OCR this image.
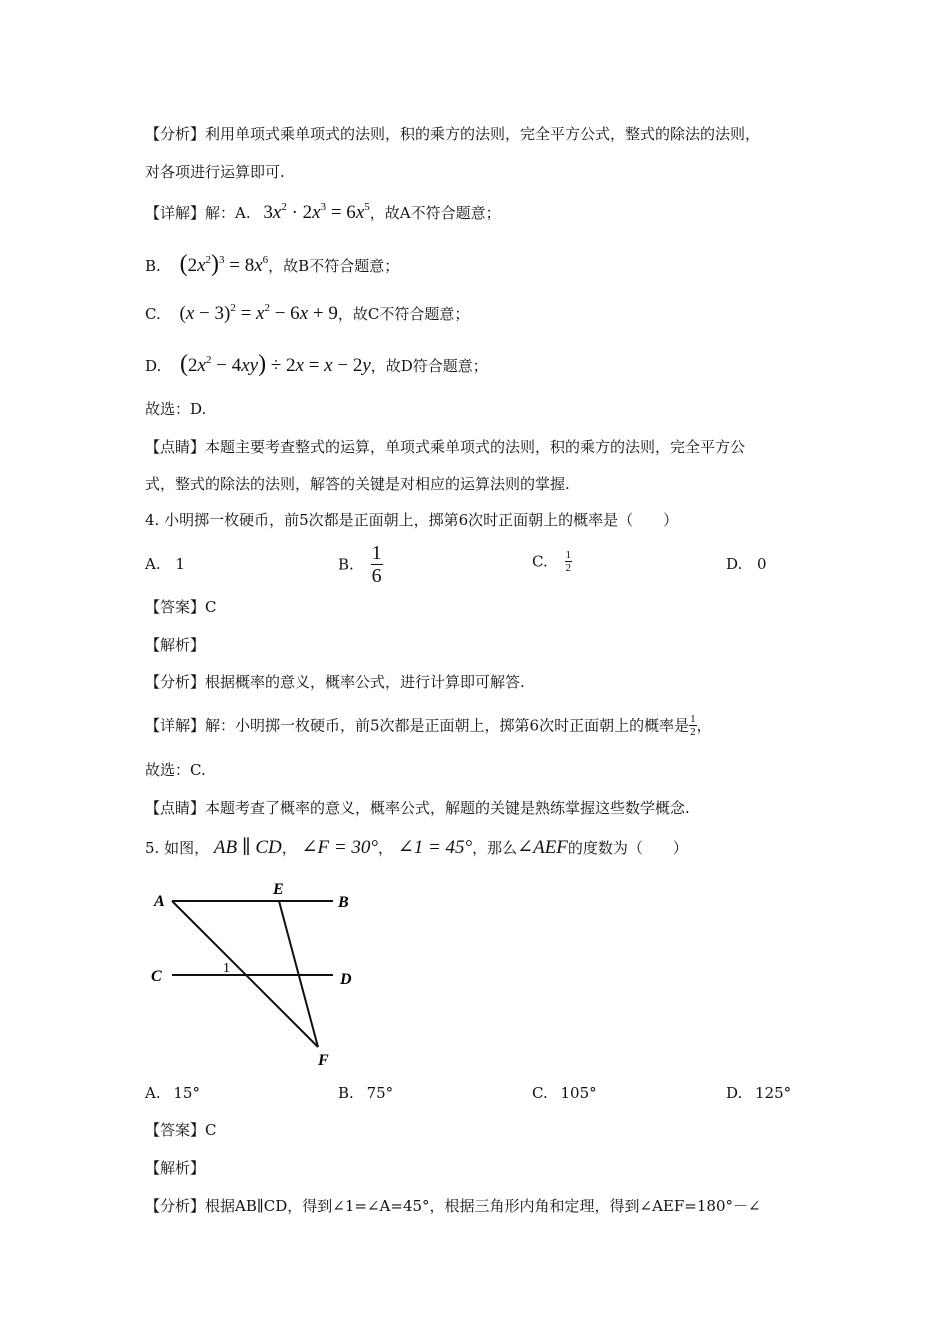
【分析】利用单项式乘单项式的法则，积的乘方的法则，完全平方公式，整式的除法的法则，
对各项进行运算即可.
【详解】解：A. $3x^2 \cdot 2x^3 = 6x^5$，故A不符合题意；
B. $(2x^2)^3 = 8x^6$，故B不符合题意；
C. $(x - 3)^2 = x^2 - 6x + 9$，故C不符合题意；
D. $(2x^2 - 4xy) \div 2x = x - 2y$，故D符合题意；
故选：D.
【点睛】本题主要考查整式的运算，单项式乘单项式的法则，积的乘方的法则，完全平方公
式，整式的除法的法则，解答的关键是对相应的运算法则的掌握.
4. 小明掷一枚硬币，前5次都是正面朝上，掷第6次时正面朝上的概率是（　　）
A. 1	B. $\frac{1}{6}$	C. $\frac{1}{2}$	D. 0
【答案】C
【解析】
【分析】根据概率的意义，概率公式，进行计算即可解答.
【详解】解：小明掷一枚硬币，前5次都是正面朝上，掷第6次时正面朝上的概率是 $\frac{1}{2}$ ，
故选：C.
【点睛】本题考查了概率的意义，概率公式，解题的关键是熟练掌握这些数学概念.
5. 如图， AB ∥ CD， ∠F = 30°， ∠1 = 45°，那么∠AEF的度数为（　　）
A
E
B
C	D
F
1
A. 15°	B. 75°	C. 105°	D. 125°
【答案】C
【解析】
【分析】根据AB∥CD，得到∠1=∠A=45°，根据三角形内角和定理，得到∠AEF=180°－∠
